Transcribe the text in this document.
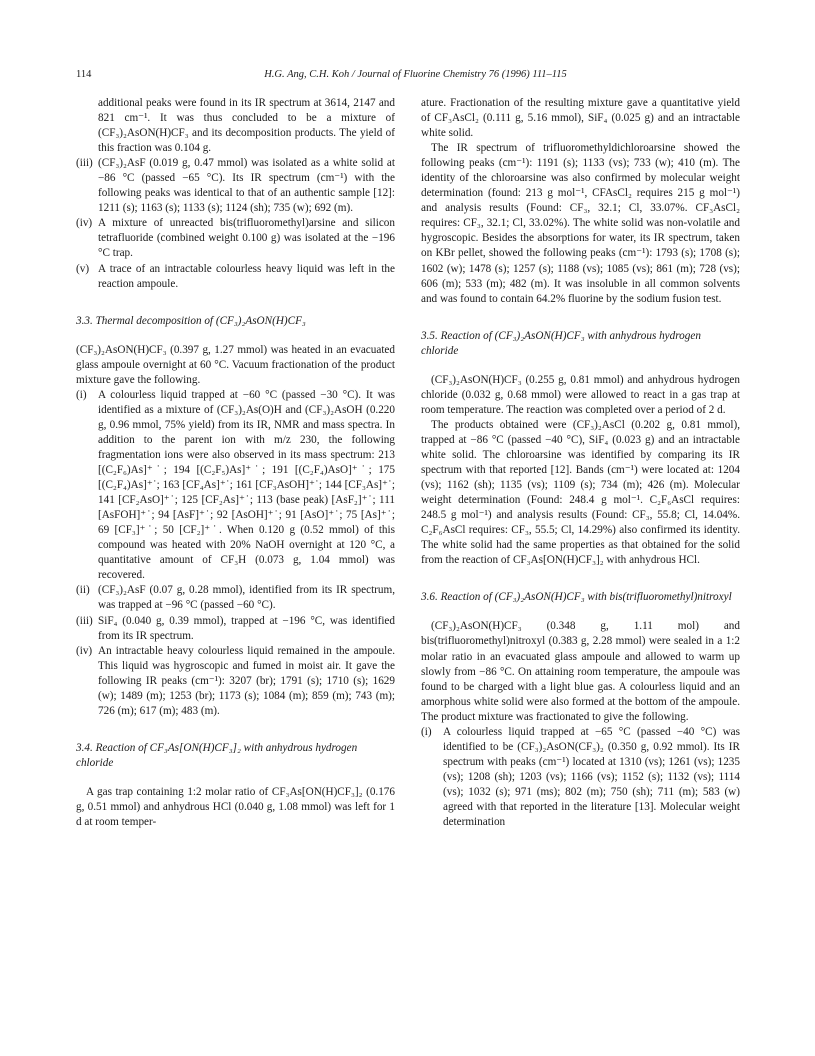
114	H.G. Ang, C.H. Koh / Journal of Fluorine Chemistry 76 (1996) 111–115
additional peaks were found in its IR spectrum at 3614, 2147 and 821 cm⁻¹. It was thus concluded to be a mixture of (CF₃)₂AsON(H)CF₃ and its decomposition products. The yield of this fraction was 0.104 g.
(iii) (CF₃)₂AsF (0.019 g, 0.47 mmol) was isolated as a white solid at −86 °C (passed −65 °C). Its IR spectrum (cm⁻¹) with the following peaks was identical to that of an authentic sample [12]: 1211 (s); 1163 (s); 1133 (s); 1124 (sh); 735 (w); 692 (m).
(iv) A mixture of unreacted bis(trifluoromethyl)arsine and silicon tetrafluoride (combined weight 0.100 g) was isolated at the −196 °C trap.
(v) A trace of an intractable colourless heavy liquid was left in the reaction ampoule.
3.3. Thermal decomposition of (CF₃)₂AsON(H)CF₃

(CF₃)₂AsON(H)CF₃ (0.397 g, 1.27 mmol) was heated in an evacuated glass ampoule overnight at 60 °C. Vacuum fractionation of the product mixture gave the following.

(i)	A colourless liquid trapped at −60 °C (passed −30 °C). It was identified as a mixture of (CF₃)₂As(O)H and (CF₃)₂AsOH (0.220 g, 0.96 mmol, 75% yield) from its IR, NMR and mass spectra. In addition to the parent ion with m/z 230, the following fragmentation ions were also observed in its mass spectrum: 213 [(C₂F₆)As]⁺˙; 194 [(C₂F₅)As]⁺˙; 191 [(C₂F₄)AsO]⁺˙; 175 [(C₂F₄)As]⁺˙; 163 [CF₄As]⁺˙; 161 [CF₃AsOH]⁺˙; 144 [CF₃As]⁺˙; 141 [CF₂AsO]⁺˙; 125 [CF₂As]⁺˙; 113 (base peak) [AsF₂]⁺˙; 111 [AsFOH]⁺˙; 94 [AsF]⁺˙; 92 [AsOH]⁺˙; 91 [AsO]⁺˙; 75 [As]⁺˙; 69 [CF₃]⁺˙; 50 [CF₂]⁺˙. When 0.120 g (0.52 mmol) of this compound was heated with 20% NaOH overnight at 120 °C, a quantitative amount of CF₃H (0.073 g, 1.04 mmol) was recovered.
(ii) (CF₃)₂AsF (0.07 g, 0.28 mmol), identified from its IR spectrum, was trapped at −96 °C (passed −60 °C).
(iii) SiF₄ (0.040 g, 0.39 mmol), trapped at −196 °C, was identified from its IR spectrum.
(iv) An intractable heavy colourless liquid remained in the ampoule. This liquid was hygroscopic and fumed in moist air. It gave the following IR peaks (cm⁻¹): 3207 (br); 1791 (s); 1710 (s); 1629 (w); 1489 (m); 1253 (br); 1173 (s); 1084 (m); 859 (m); 743 (m); 726 (m); 617 (m); 483 (m).
3.4. Reaction of CF₃As[ON(H)CF₃]₂ with anhydrous hydrogen chloride

A gas trap containing 1:2 molar ratio of CF₃As[ON(H)CF₃]₂ (0.176 g, 0.51 mmol) and anhydrous HCl (0.040 g, 1.08 mmol) was left for 1 d at room temper-

ature. Fractionation of the resulting mixture gave a quantitative yield of CF₃AsCl₂ (0.111 g, 5.16 mmol), SiF₄ (0.025 g) and an intractable white solid.

The IR spectrum of trifluoromethyldichloroarsine showed the following peaks (cm⁻¹): 1191 (s); 1133 (vs); 733 (w); 410 (m). The identity of the chloroarsine was also confirmed by molecular weight determination (found: 213 g mol⁻¹, CFAsCl₂ requires 215 g mol⁻¹) and analysis results (Found: CF₃, 32.1; Cl, 33.07%. CF₃AsCl₂ requires: CF₃, 32.1; Cl, 33.02%). The white solid was non-volatile and hygroscopic. Besides the absorptions for water, its IR spectrum, taken on KBr pellet, showed the following peaks (cm⁻¹): 1793 (s); 1708 (s); 1602 (w); 1478 (s); 1257 (s); 1188 (vs); 1085 (vs); 861 (m); 728 (vs); 606 (m); 533 (m); 482 (m). It was insoluble in all common solvents and was found to contain 64.2% fluorine by the sodium fusion test.

3.5. Reaction of (CF₃)₂AsON(H)CF₃ with anhydrous hydrogen chloride

(CF₃)₂AsON(H)CF₃ (0.255 g, 0.81 mmol) and anhydrous hydrogen chloride (0.032 g, 0.68 mmol) were allowed to react in a gas trap at room temperature. The reaction was completed over a period of 2 d.

The products obtained were (CF₃)₂AsCl (0.202 g, 0.81 mmol), trapped at −86 °C (passed −40 °C), SiF₄ (0.023 g) and an intractable white solid. The chloroarsine was identified by comparing its IR spectrum with that reported [12]. Bands (cm⁻¹) were located at: 1204 (vs); 1162 (sh); 1135 (vs); 1109 (s); 734 (m); 426 (m). Molecular weight determination (Found: 248.4 g mol⁻¹. C₂F₆AsCl requires: 248.5 g mol⁻¹) and analysis results (Found: CF₃, 55.8; Cl, 14.04%. C₂F₆AsCl requires: CF₃, 55.5; Cl, 14.29%) also confirmed its identity. The white solid had the same properties as that obtained for the solid from the reaction of CF₃As[ON(H)CF₃]₂ with anhydrous HCl.

3.6. Reaction of (CF₃)₂AsON(H)CF₃ with bis(trifluoromethyl)nitroxyl

(CF₃)₂AsON(H)CF₃ (0.348 g, 1.11 mol) and bis(trifluoromethyl)nitroxyl (0.383 g, 2.28 mmol) were sealed in a 1:2 molar ratio in an evacuated glass ampoule and allowed to warm up slowly from −86 °C. On attaining room temperature, the ampoule was found to be charged with a light blue gas. A colourless liquid and an amorphous white solid were also formed at the bottom of the ampoule. The product mixture was fractionated to give the following.

(i)	A colourless liquid trapped at −65 °C (passed −40 °C) was identified to be (CF₃)₂AsON(CF₃)₂ (0.350 g, 0.92 mmol). Its IR spectrum with peaks (cm⁻¹) located at 1310 (vs); 1261 (vs); 1235 (vs); 1208 (sh); 1203 (vs); 1166 (vs); 1152 (s); 1132 (vs); 1114 (vs); 1032 (s); 971 (ms); 802 (m); 750 (sh); 711 (m); 583 (w) agreed with that reported in the literature [13]. Molecular weight determination
